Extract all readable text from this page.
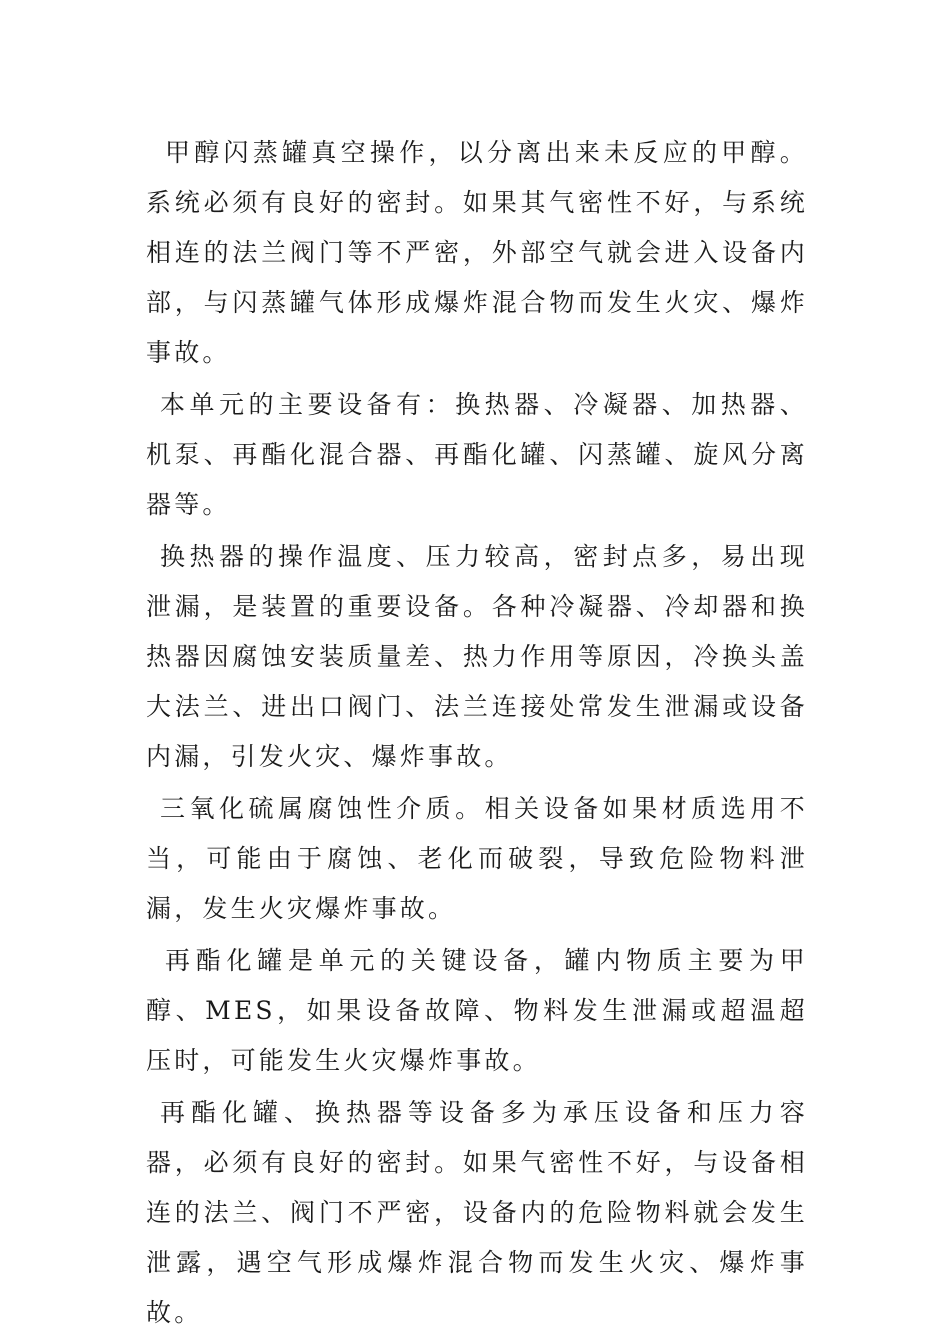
甲醇闪蒸罐真空操作，以分离出来未反应的甲醇。系统必须有良好的密封。如果其气密性不好，与系统相连的法兰阀门等不严密，外部空气就会进入设备内部，与闪蒸罐气体形成爆炸混合物而发生火灾、爆炸事故。

本单元的主要设备有：换热器、冷凝器、加热器、机泵、再酯化混合器、再酯化罐、闪蒸罐、旋风分离器等。

换热器的操作温度、压力较高，密封点多，易出现泄漏，是装置的重要设备。各种冷凝器、冷却器和换热器因腐蚀安装质量差、热力作用等原因，冷换头盖大法兰、进出口阀门、法兰连接处常发生泄漏或设备内漏，引发火灾、爆炸事故。

三氧化硫属腐蚀性介质。相关设备如果材质选用不当，可能由于腐蚀、老化而破裂，导致危险物料泄漏，发生火灾爆炸事故。

再酯化罐是单元的关键设备，罐内物质主要为甲醇、MES，如果设备故障、物料发生泄漏或超温超压时，可能发生火灾爆炸事故。

再酯化罐、换热器等设备多为承压设备和压力容器，必须有良好的密封。如果气密性不好，与设备相连的法兰、阀门不严密，设备内的危险物料就会发生泄露，遇空气形成爆炸混合物而发生火灾、爆炸事故。
